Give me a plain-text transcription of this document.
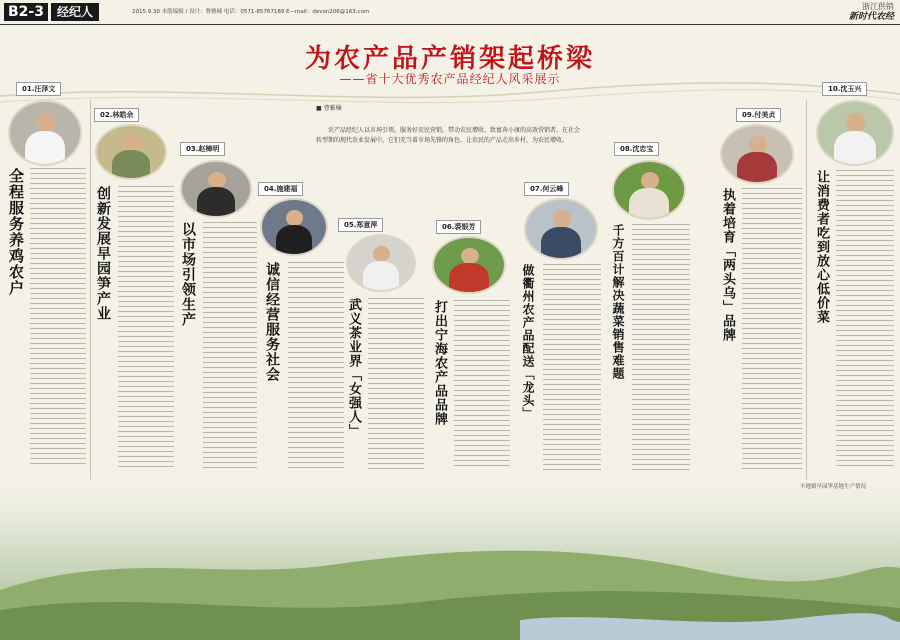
B2-3	经纪人	2015.9.30 本版编辑 / 设计：曹雅楠 电话：0571-85767189 E—mail：devon206@163.com
浙江供销
新时代农经
为农产品产销架起桥梁
——省十大优秀农产品经纪人风采展示
■ 曹雅楠
农产品经纪人以市场引领，服务好农民营销，带动农民增收、致富奔小康的高效营销者。在社会转型期的现代农业发展中，它们充当着市场先锋的角色，让农民的产品走出乡村，为农民增收。
01.汪泽文
全程服务养鸡农户
02.林皓余
创新发展早园笋产业
03.赵樟明
以市场引领生产
04.施建福
诚信经营服务社会
05.郑意萍
武义茶业界「女强人」
06.裘银芳
打出宁海农产品品牌
07.何云峰
做衢州农产品配送「龙头」
08.沈忠宝
千方百计解决蔬菜销售难题
09.付美贞
执着培育「两头乌」品牌
10.沈玉兴
让消费者吃到放心低价菜
丰地镇早园笋基地生产情况
